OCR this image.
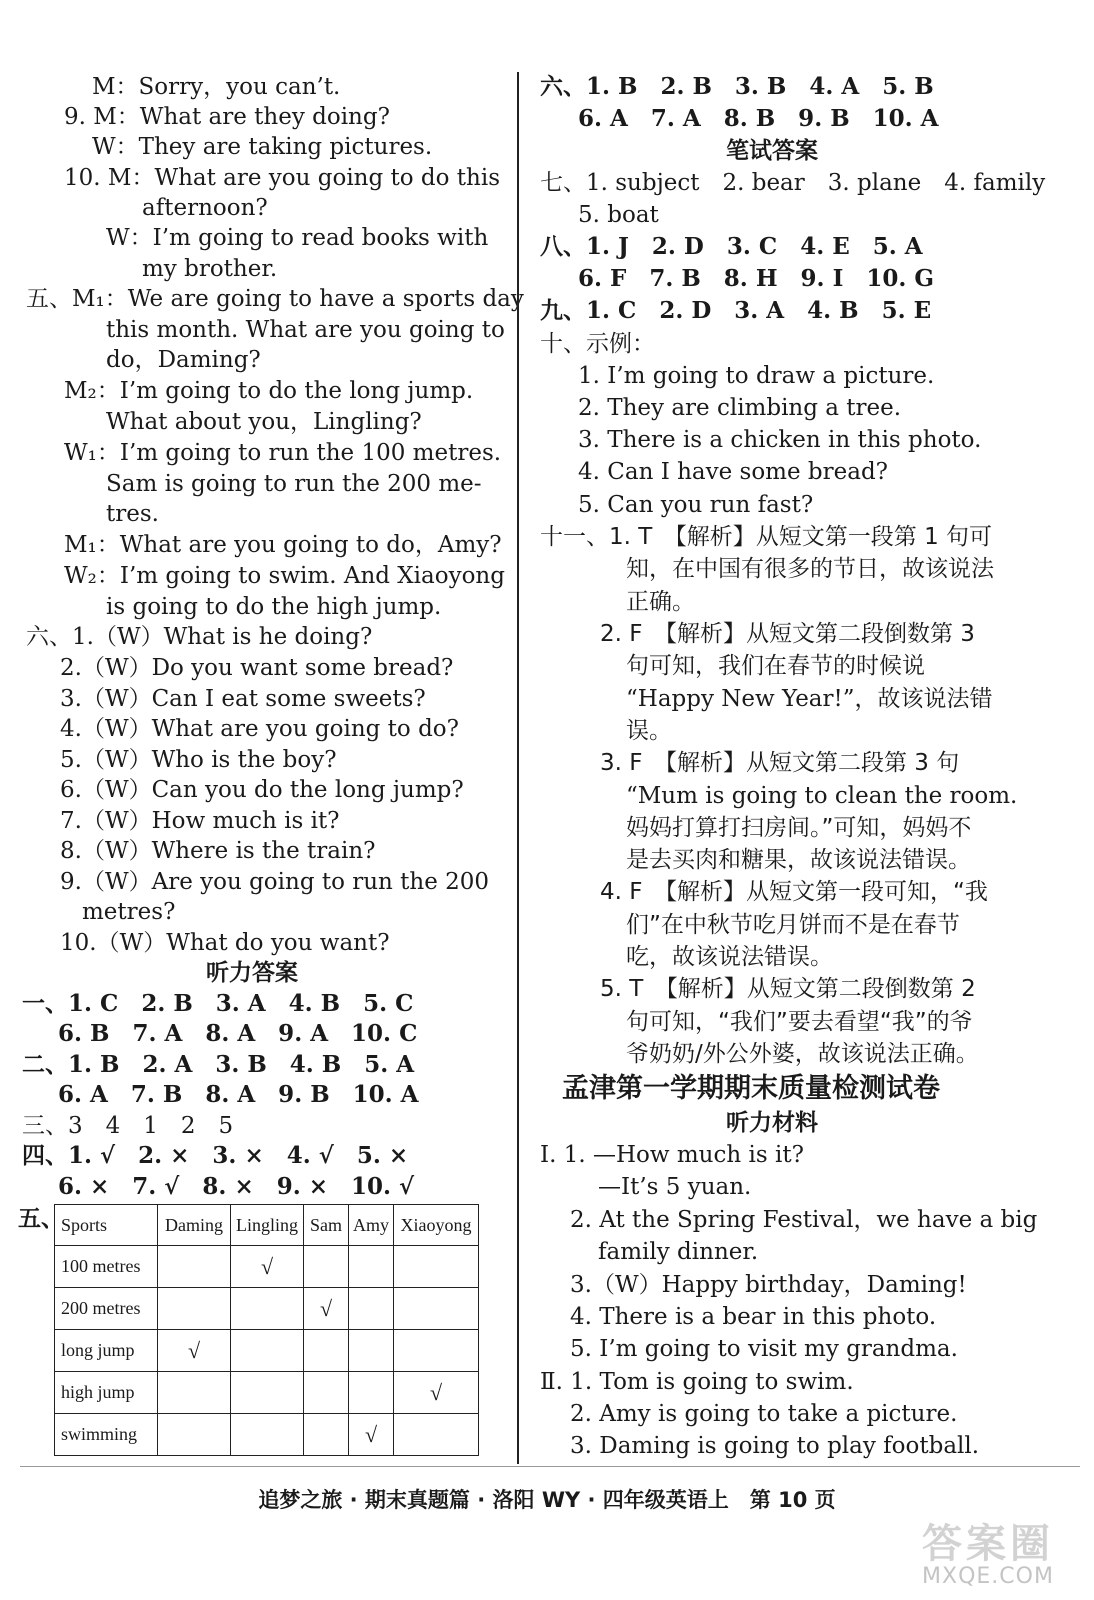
M：Sorry，you can’t.
9. M：What are they doing?
W：They are taking pictures.
10. M：What are you going to do this
afternoon?
W：I’m going to read books with
my brother.
五、M₁：We are going to have a sports day
this month. What are you going to
do，Daming?
M₂：I’m going to do the long jump.
What about you，Lingling?
W₁：I’m going to run the 100 metres.
Sam is going to run the 200 me-
tres.
M₁：What are you going to do，Amy?
W₂：I’m going to swim. And Xiaoyong
is going to do the high jump.
六、1.（W）What is he doing?
2.（W）Do you want some bread?
3.（W）Can I eat some sweets?
4.（W）What are you going to do?
5.（W）Who is the boy?
6.（W）Can you do the long jump?
7.（W）How much is it?
8.（W）Where is the train?
9.（W）Are you going to run the 200
metres?
10.（W）What do you want?
听力答案
一、1. C　2. B　3. A　4. B　5. C
6. B　7. A　8. A　9. A　10. C
二、1. B　2. A　3. B　4. B　5. A
6. A　7. B　8. A　9. B　10. A
三、3　4　1　2　5
四、1. √　2. ×　3. ×　4. √　5. ×
6. ×　7. √　8. ×　9. ×　10. √
五、
Sports	Daming	Lingling	Sam	Amy	Xiaoyong
100 metres		√			
200 metres			√		
long jump	√				
high jump					√
swimming				√	
六、1. B　2. B　3. B　4. A　5. B
6. A　7. A　8. B　9. B　10. A
笔试答案
七、1. subject　2. bear　3. plane　4. family
5. boat
八、1. J　2. D　3. C　4. E　5. A
6. F　7. B　8. H　9. I　10. G
九、1. C　2. D　3. A　4. B　5. E
十、示例：
1. I’m going to draw a picture.
2. They are climbing a tree.
3. There is a chicken in this photo.
4. Can I have some bread?
5. Can you run fast?
十一、1. T　【解析】从短文第一段第 1 句可
知，在中国有很多的节日，故该说法
正确。
2. F　【解析】从短文第二段倒数第 3
句可知，我们在春节的时候说
“Happy New Year!”，故该说法错
误。
3. F　【解析】从短文第二段第 3 句
“Mum is going to clean the room.
妈妈打算打扫房间。”可知，妈妈不
是去买肉和糖果，故该说法错误。
4. F　【解析】从短文第一段可知，“我
们”在中秋节吃月饼而不是在春节
吃，故该说法错误。
5. T　【解析】从短文第二段倒数第 2
句可知，“我们”要去看望“我”的爷
爷奶奶/外公外婆，故该说法正确。
孟津第一学期期末质量检测试卷
听力材料
Ⅰ. 1. —How much is it?
—It’s 5 yuan.
2. At the Spring Festival，we have a big
family dinner.
3.（W）Happy birthday，Daming!
4. There is a bear in this photo.
5. I’m going to visit my grandma.
Ⅱ. 1. Tom is going to swim.
2. Amy is going to take a picture.
3. Daming is going to play football.
追梦之旅 · 期末真题篇 · 洛阳 WY · 四年级英语上　第 10 页
答案圈
MXQE.COM
